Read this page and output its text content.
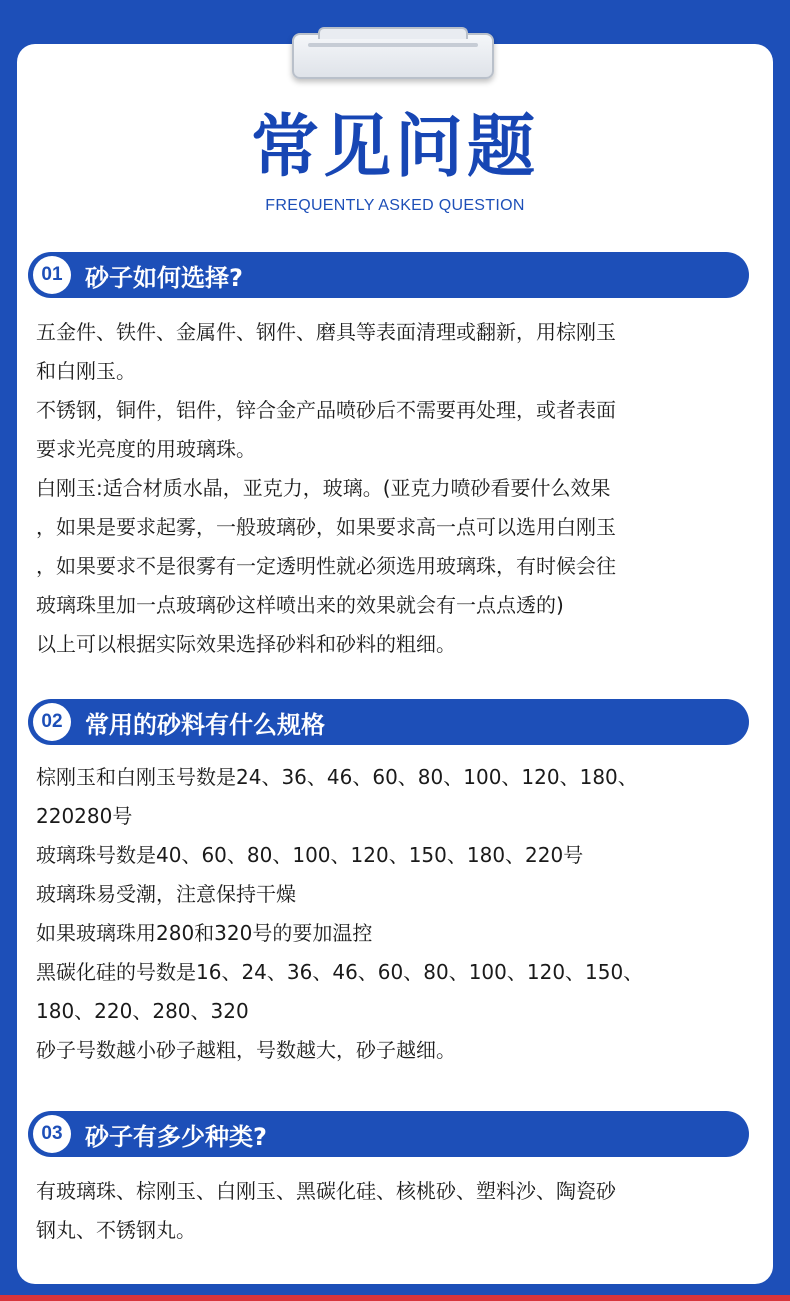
常见问题
FREQUENTLY ASKED QUESTION
01 砂子如何选择?

五金件、铁件、金属件、钢件、磨具等表面清理或翻新，用棕刚玉

和白刚玉。

不锈钢，铜件，铝件，锌合金产品喷砂后不需要再处理，或者表面

要求光亮度的用玻璃珠。

白刚玉:适合材质水晶，亚克力，玻璃。(亚克力喷砂看要什么效果

，如果是要求起雾，一般玻璃砂，如果要求高一点可以选用白刚玉

，如果要求不是很雾有一定透明性就必须选用玻璃珠，有时候会往

玻璃珠里加一点玻璃砂这样喷出来的效果就会有一点点透的)

以上可以根据实际效果选择砂料和砂料的粗细。

02 常用的砂料有什么规格

棕刚玉和白刚玉号数是24、36、46、60、80、100、120、180、

220280号

玻璃珠号数是40、60、80、100、120、150、180、220号

玻璃珠易受潮，注意保持干燥

如果玻璃珠用280和320号的要加温控

黑碳化硅的号数是16、24、36、46、60、80、100、120、150、

180、220、280、320

砂子号数越小砂子越粗，号数越大，砂子越细。

03 砂子有多少种类?

有玻璃珠、棕刚玉、白刚玉、黑碳化硅、核桃砂、塑料沙、陶瓷砂

钢丸、不锈钢丸。
